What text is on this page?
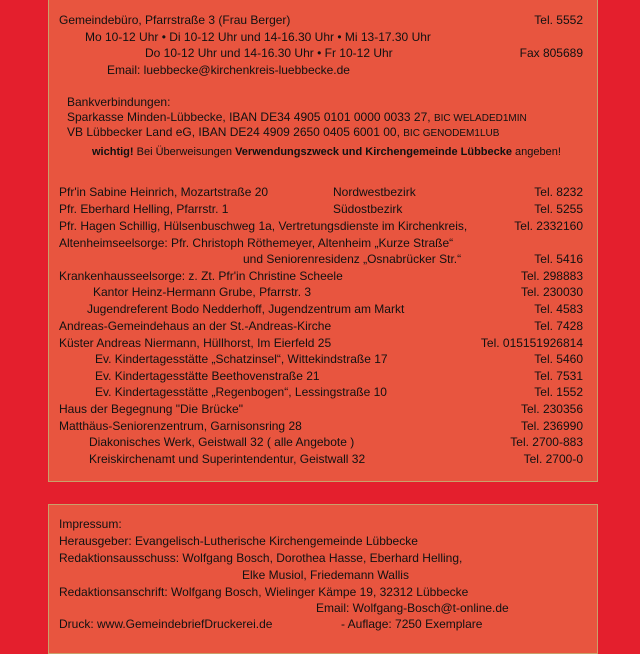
Gemeindebüro, Pfarrstraße 3 (Frau Berger)	Tel. 5552
Mo 10-12 Uhr • Di 10-12 Uhr und 14-16.30 Uhr • Mi 13-17.30 Uhr
Do 10-12 Uhr und 14-16.30 Uhr • Fr 10-12 Uhr	Fax 805689
Email: luebbecke@kirchenkreis-luebbecke.de
Bankverbindungen:
Sparkasse Minden-Lübbecke, IBAN DE34 4905 0101 0000 0033 27, BIC WELADED1MIN
VB Lübbecker Land eG, IBAN DE24 4909 2650 0405 6001 00, BIC GENODEM1LUB
wichtig! Bei Überweisungen Verwendungszweck und Kirchengemeinde Lübbecke angeben!
Pfr'in Sabine Heinrich, Mozartstraße 20	Nordwestbezirk	Tel. 8232
Pfr. Eberhard Helling, Pfarrstr. 1	Südostbezirk	Tel. 5255
Pfr. Hagen Schillig, Hülsenbuschweg 1a, Vertretungsdienste im Kirchenkreis,	Tel. 2332160
Altenheimseelsorge: Pfr. Christoph Röthemeyer, Altenheim „Kurze Straße“
und Seniorenresidenz „Osnabrücker Str.“	Tel. 5416
Krankenhausseelsorge: z. Zt. Pfr'in Christine Scheele	Tel. 298883
Kantor Heinz-Hermann Grube, Pfarrstr. 3	Tel. 230030
Jugendreferent Bodo Nedderhoff, Jugendzentrum am Markt	Tel. 4583
Andreas-Gemeindehaus an der St.-Andreas-Kirche	Tel. 7428
Küster Andreas Niermann, Hüllhorst, Im Eierfeld 25	Tel. 015151926814
Ev. Kindertagesstätte „Schatzinsel“, Wittekindstraße 17	Tel. 5460
Ev. Kindertagesstätte Beethovenstraße 21	Tel. 7531
Ev. Kindertagesstätte „Regenbogen“, Lessingstraße 10	Tel. 1552
Haus der Begegnung "Die Brücke"	Tel. 230356
Matthäus-Seniorenzentrum, Garnisonsring 28	Tel. 236990
Diakonisches Werk, Geistwall 32 ( alle Angebote )	Tel. 2700-883
Kreiskirchenamt und Superintendentur, Geistwall 32	Tel. 2700-0
Impressum:
Herausgeber: Evangelisch-Lutherische Kirchengemeinde Lübbecke
Redaktionsausschuss: Wolfgang Bosch, Dorothea Hasse, Eberhard Helling,
Elke Musiol, Friedemann Wallis
Redaktionsanschrift: Wolfgang Bosch, Wielinger Kämpe 19, 32312 Lübbecke
Email: Wolfgang-Bosch@t-online.de
Druck: www.GemeindebriefDruckerei.de	- Auflage: 7250 Exemplare
